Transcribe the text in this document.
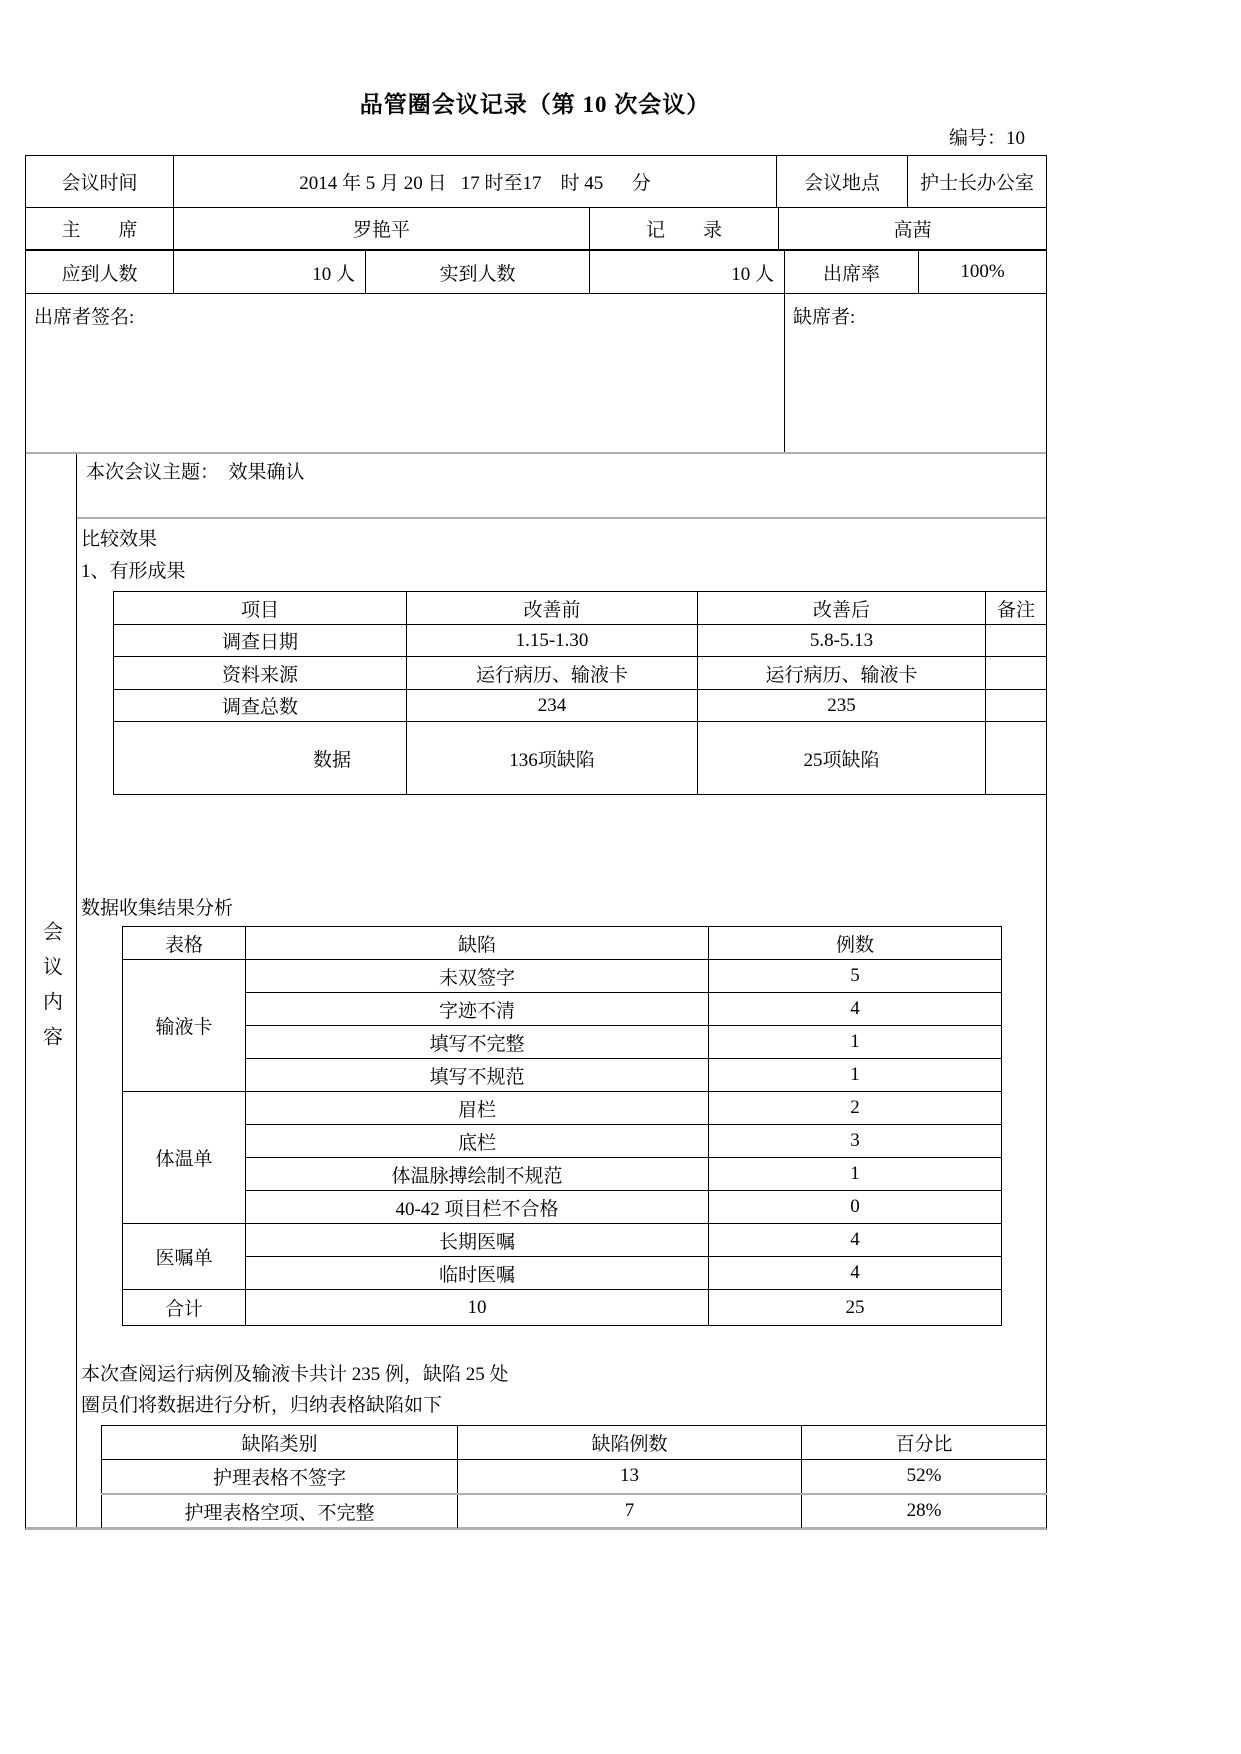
品管圈会议记录（第 10 次会议）
编号：10
会议时间	2014 年 5 月 20 日   17 时至17    时 45      分	会议地点	护士长办公室
主　　席	罗艳平	记　　录	高茜
应到人数	10 人	实到人数	10 人	出席率	100%
出席者签名:	缺席者:
会议内容
本次会议主题：  效果确认
比较效果
1、有形成果
项目	改善前	改善后	备注
调查日期	1.15-1.30	5.8-5.13	
资料来源	运行病历、输液卡	运行病历、输液卡	
调查总数	234	235	
数据	136项缺陷	25项缺陷	
数据收集结果分析
表格	缺陷	例数
输液卡	未双签字	5
	字迹不清	4
	填写不完整	1
	填写不规范	1
体温单	眉栏	2
	底栏	3
	体温脉搏绘制不规范	1
	40-42 项目栏不合格	0
医嘱单	长期医嘱	4
	临时医嘱	4
合计	10	25
本次查阅运行病例及输液卡共计 235 例，缺陷 25 处
圈员们将数据进行分析，归纳表格缺陷如下
缺陷类别	缺陷例数	百分比
护理表格不签字	13	52%
护理表格空项、不完整	7	28%
